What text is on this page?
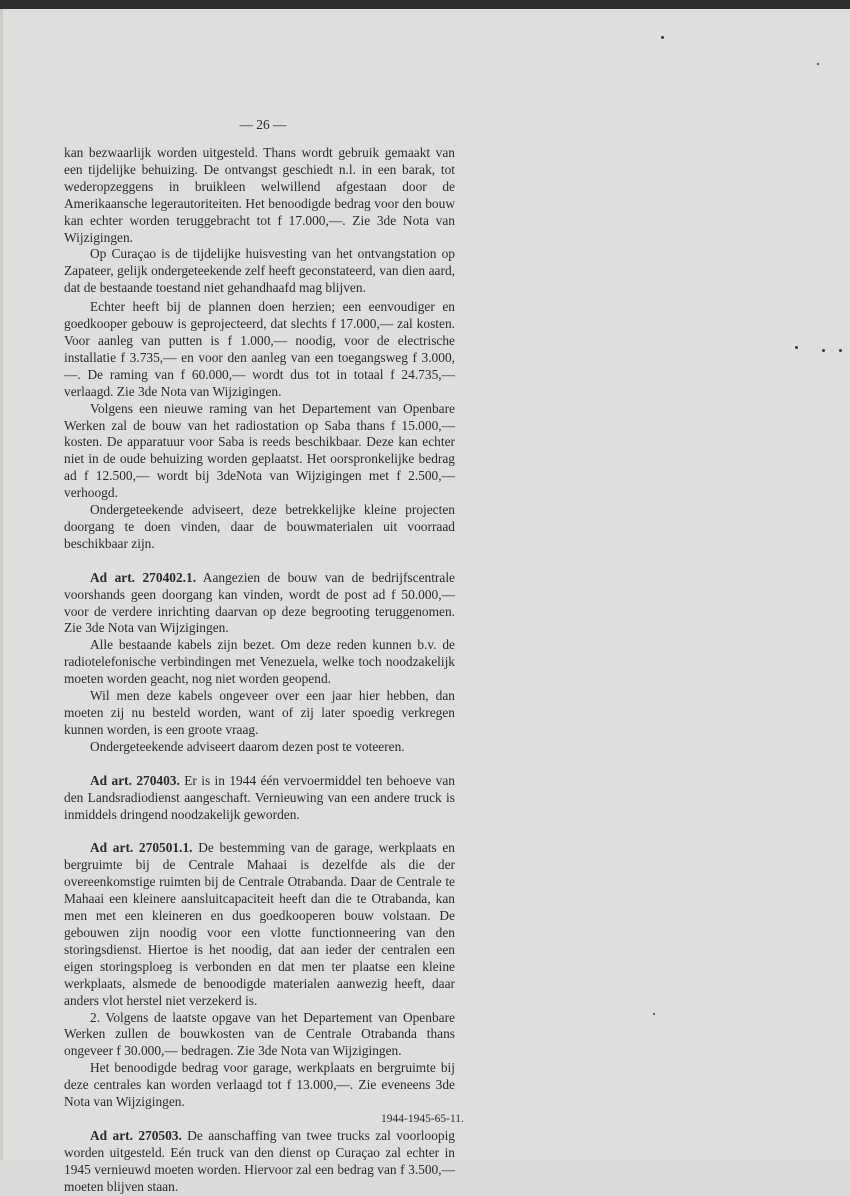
— 26 —

kan bezwaarlijk worden uitgesteld. Thans wordt gebruik gemaakt van een tijdelijke behuizing. De ontvangst geschiedt n.l. in een barak, tot wederopzeggens in bruikleen welwillend afgestaan door de Amerikaansche legerautoriteiten. Het benoodigde bedrag voor den bouw kan echter worden teruggebracht tot f 17.000,—. Zie 3de Nota van Wijzigingen.

Op Curaçao is de tijdelijke huisvesting van het ontvangstation op Zapateer, gelijk ondergeteekende zelf heeft geconstateerd, van dien aard, dat de bestaande toestand niet gehandhaafd mag blijven.

Echter heeft bij de plannen doen herzien; een eenvoudiger en goedkooper gebouw is geprojecteerd, dat slechts f 17.000,— zal kosten. Voor aanleg van putten is f 1.000,— noodig, voor de electrische installatie f 3.735,— en voor den aanleg van een toegangsweg f 3.000,—. De raming van f 60.000,— wordt dus tot in totaal f 24.735,— verlaagd. Zie 3de Nota van Wijzigingen.

Volgens een nieuwe raming van het Departement van Openbare Werken zal de bouw van het radiostation op Saba thans f 15.000,— kosten. De apparatuur voor Saba is reeds beschikbaar. Deze kan echter niet in de oude behuizing worden geplaatst. Het oorspronkelijke bedrag ad f 12.500,— wordt bij 3deNota van Wijzigingen met f 2.500,— verhoogd.

Ondergeteekende adviseert, deze betrekkelijke kleine projecten doorgang te doen vinden, daar de bouwmaterialen uit voorraad beschikbaar zijn.

Ad art. 270402.1. Aangezien de bouw van de bedrijfscentrale voorshands geen doorgang kan vinden, wordt de post ad f 50.000,— voor de verdere inrichting daarvan op deze begrooting teruggenomen. Zie 3de Nota van Wijzigingen.

Alle bestaande kabels zijn bezet. Om deze reden kunnen b.v. de radiotelefonische verbindingen met Venezuela, welke toch noodzakelijk moeten worden geacht, nog niet worden geopend.

Wil men deze kabels ongeveer over een jaar hier hebben, dan moeten zij nu besteld worden, want of zij later spoedig verkregen kunnen worden, is een groote vraag.

Ondergeteekende adviseert daarom dezen post te voteeren.

Ad art. 270403. Er is in 1944 één vervoermiddel ten behoeve van den Landsradiodienst aangeschaft. Vernieuwing van een andere truck is inmiddels dringend noodzakelijk geworden.

Ad art. 270501.1. De bestemming van de garage, werkplaats en bergruimte bij de Centrale Mahaai is dezelfde als die der overeenkomstige ruimten bij de Centrale Otrabanda. Daar de Centrale te Mahaai een kleinere aansluitcapaciteit heeft dan die te Otrabanda, kan men met een kleineren en dus goedkooperen bouw volstaan. De gebouwen zijn noodig voor een vlotte functionneering van den storingsdienst. Hiertoe is het noodig, dat aan ieder der centralen een eigen storingsploeg is verbonden en dat men ter plaatse een kleine werkplaats, alsmede de benoodigde materialen aanwezig heeft, daar anders vlot herstel niet verzekerd is.

2. Volgens de laatste opgave van het Departement van Openbare Werken zullen de bouwkosten van de Centrale Otrabanda thans ongeveer f 30.000,— bedragen. Zie 3de Nota van Wijzigingen.

Het benoodigde bedrag voor garage, werkplaats en bergruimte bij deze centrales kan worden verlaagd tot f 13.000,—. Zie eveneens 3de Nota van Wijzigingen.

Ad art. 270503. De aanschaffing van twee trucks zal voorloopig worden uitgesteld. Eén truck van den dienst op Curaçao zal echter in 1945 vernieuwd moeten worden. Hiervoor zal een bedrag van f 3.500,— moeten blijven staan.

1944-1945-65-11.
